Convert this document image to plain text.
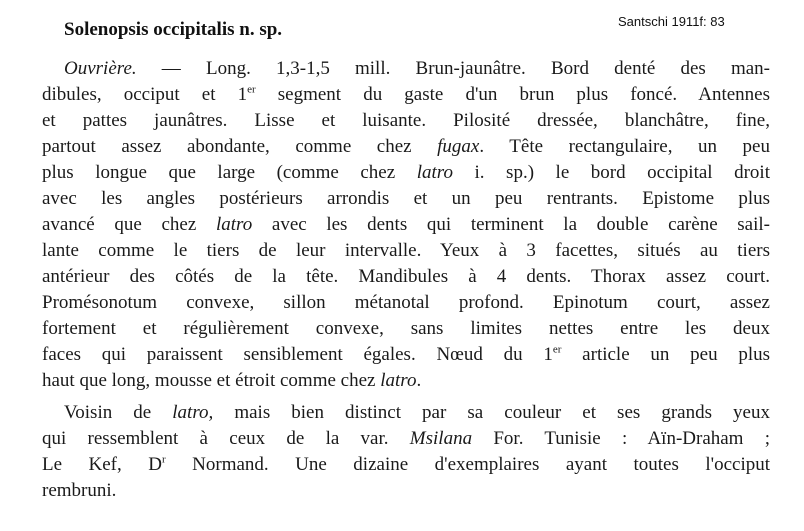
Santschi 1911f: 83
Solenopsis occipitalis n. sp.
Ouvrière. — Long. 1,3-1,5 mill. Brun-jaunâtre. Bord denté des man-
dibules, occiput et 1er segment du gaste d'un brun plus foncé. Antennes
et pattes jaunâtres. Lisse et luisante. Pilosité dressée, blanchâtre, fine,
partout assez abondante, comme chez fugax. Tête rectangulaire, un peu
plus longue que large (comme chez latro i. sp.) le bord occipital droit
avec les angles postérieurs arrondis et un peu rentrants. Epistome plus
avancé que chez latro avec les dents qui terminent la double carène sail-
lante comme le tiers de leur intervalle. Yeux à 3 facettes, situés au tiers
antérieur des côtés de la tête. Mandibules à 4 dents. Thorax assez court.
Promésonotum convexe, sillon métanotal profond. Epinotum court, assez
fortement et régulièrement convexe, sans limites nettes entre les deux
faces qui paraissent sensiblement égales. Nœud du 1er article un peu plus
haut que long, mousse et étroit comme chez latro.
Voisin de latro, mais bien distinct par sa couleur et ses grands yeux
qui ressemblent à ceux de la var. Msilana For. Tunisie : Aïn-Draham ;
Le Kef, $D^r$ Normand. Une dizaine d'exemplaires ayant toutes l'occiput
rembruni.
